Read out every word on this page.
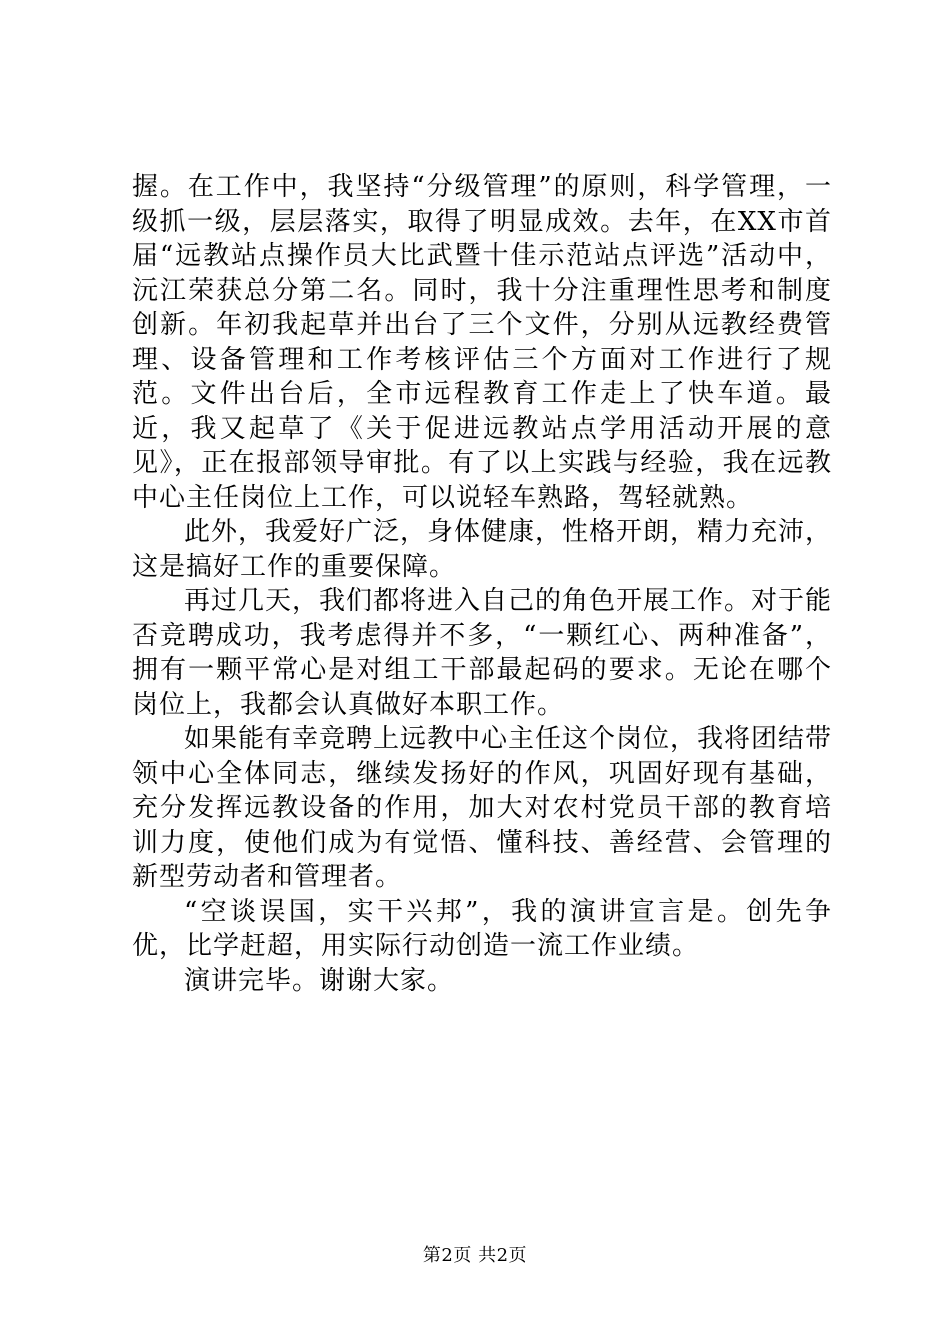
握。在工作中，我坚持“分级管理”的原则，科学管理，一级抓一级，层层落实，取得了明显成效。去年，在XX市首届“远教站点操作员大比武暨十佳示范站点评选”活动中，沅江荣获总分第二名。同时，我十分注重理性思考和制度创新。年初我起草并出台了三个文件，分别从远教经费管理、设备管理和工作考核评估三个方面对工作进行了规范。文件出台后，全市远程教育工作走上了快车道。最近，我又起草了《关于促进远教站点学用活动开展的意见》，正在报部领导审批。有了以上实践与经验，我在远教中心主任岗位上工作，可以说轻车熟路，驾轻就熟。

此外，我爱好广泛，身体健康，性格开朗，精力充沛，这是搞好工作的重要保障。

再过几天，我们都将进入自己的角色开展工作。对于能否竞聘成功，我考虑得并不多，“一颗红心、两种准备”，拥有一颗平常心是对组工干部最起码的要求。无论在哪个岗位上，我都会认真做好本职工作。

如果能有幸竞聘上远教中心主任这个岗位，我将团结带领中心全体同志，继续发扬好的作风，巩固好现有基础，充分发挥远教设备的作用，加大对农村党员干部的教育培训力度，使他们成为有觉悟、懂科技、善经营、会管理的新型劳动者和管理者。

“空谈误国，实干兴邦”，我的演讲宣言是。创先争优，比学赶超，用实际行动创造一流工作业绩。

演讲完毕。谢谢大家。

第2页 共2页
